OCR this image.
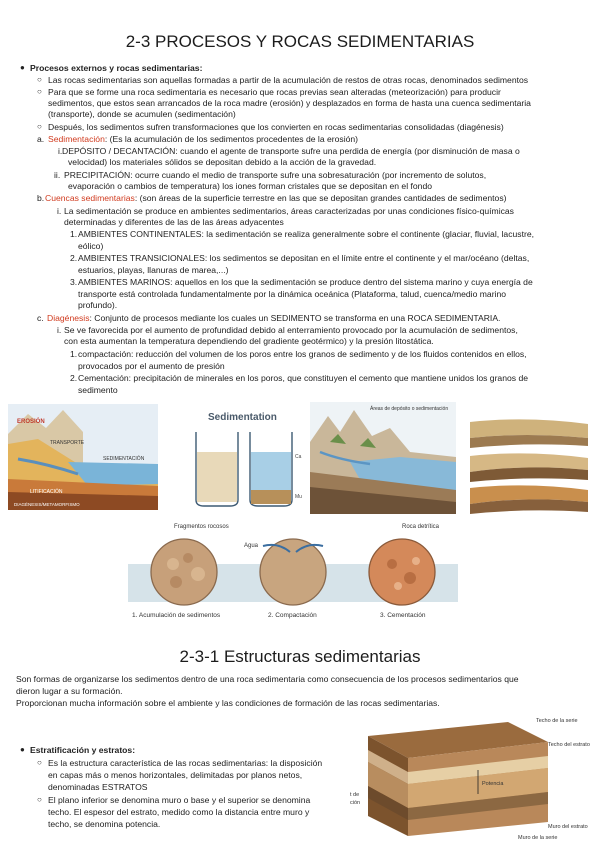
2-3 PROCESOS Y ROCAS SEDIMENTARIAS
● Procesos externos y rocas sedimentarias:
○ Las rocas sedimentarias son aquellas formadas a partir de la acumulación de restos de otras rocas, denominados sedimentos
○ Para que se forme una roca sedimentaria es necesario que rocas previas sean alteradas (meteorización) para producir
sedimentos, que estos sean arrancados de la roca madre (erosión) y desplazados en forma de hasta una cuenca sedimentaria
(transporte), donde se acumulen (sedimentación)
○ Después, los sedimentos sufren transformaciones que los convierten en rocas sedimentarias consolidadas (diagénesis)
a. Sedimentación: (Es la acumulación de los sedimentos procedentes de la erosión)
i. DEPÓSITO / DECANTACIÓN: cuando el agente de transporte sufre una perdida de energía (por disminución de masa o
velocidad) los materiales sólidos se depositan debido a la acción de la gravedad.
ii. PRECIPITACIÓN: ocurre cuando el medio de transporte sufre una sobresaturación (por incremento de solutos,
evaporación o cambios de temperatura) los iones forman cristales que se depositan en el fondo
b. Cuencas sedimentarias: (son áreas de la superficie terrestre en las que se depositan grandes cantidades de sedimentos)
i. La sedimentación se produce en ambientes sedimentarios, áreas caracterizadas por unas condiciones físico-químicas
determinadas y diferentes de las de las áreas adyacentes
1. AMBIENTES CONTINENTALES: la sedimentación se realiza generalmente sobre el continente (glaciar, fluvial, lacustre,
eólico)
2. AMBIENTES TRANSICIONALES: los sedimentos se depositan en el límite entre el continente y el mar/océano (deltas,
estuarios, playas, llanuras de marea,...)
3. AMBIENTES MARINOS: aquellos en los que la sedimentación se produce dentro del sistema marino y cuya energía de
transporte está controlada fundamentalmente por la dinámica oceánica (Plataforma, talud, cuenca/medio marino
profundo).
c. Diagénesis: Conjunto de procesos mediante los cuales un SEDIMENTO se transforma en una ROCA SEDIMENTARIA.
i. Se ve favorecida por el aumento de profundidad debido al enterramiento provocado por la acumulación de sedimentos,
con esta aumentan la temperatura dependiendo del gradiente geotérmico) y la presión litostática.
1. compactación: reducción del volumen de los poros entre los granos de sedimento y de los fluidos contenidos en ellos,
provocados por el aumento de presión
2. Cementación: precipitación de minerales en los poros, que constituyen el cemento que mantiene unidos los granos de
sedimento
EROSIÓN
TRANSPORTE
SEDIMENTACIÓN
LITIFICACIÓN
DIAGÉNESIS/METAMORFISMO
Sedimentation
Ca
Mu
Áreas de depósito o sedimentación
Fragmentos rocosos
Agua
Roca detrítica
1. Acumulación de sedimentos	2. Compactación	3. Cementación
2-3-1 Estructuras sedimentarias
Son formas de organizarse los sedimentos dentro de una roca sedimentaria como consecuencia de los procesos sedimentarios que
dieron lugar a su formación.
Proporcionan mucha información sobre el ambiente y las condiciones de formación de las rocas sedimentarias.
● Estratificación y estratos:
○ Es la estructura característica de las rocas sedimentarias: la disposición
en capas más o menos horizontales, delimitadas por planos netos,
denominadas ESTRATOS
○ El plano inferior se denomina muro o base y el superior se denomina
techo. El espesor del estrato, medido como la distancia entre muro y
techo, se denomina potencia.
Techo de la serie
Techo del estrato
Potencia
Muro del estrato
Muro de la serie
t de
ción
